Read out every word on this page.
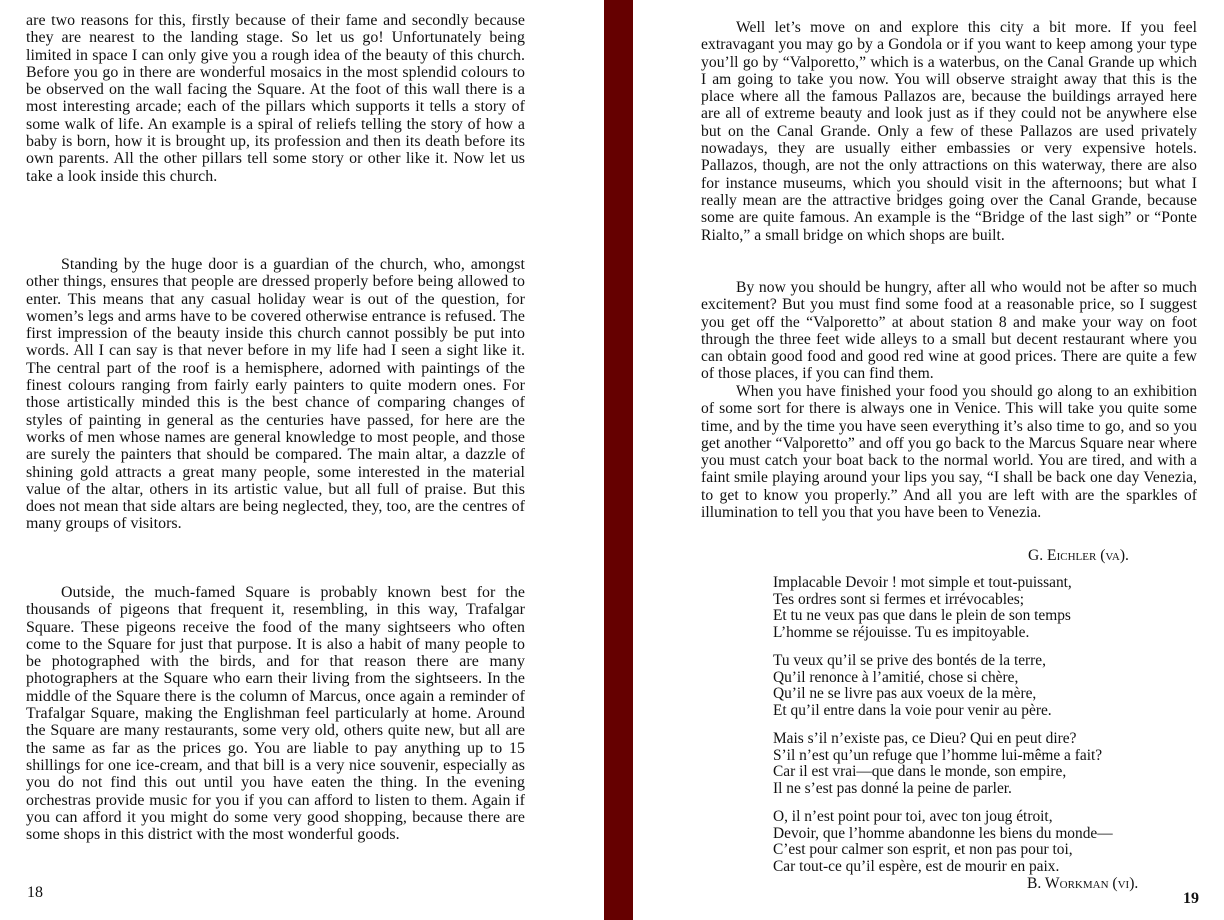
are two reasons for this, firstly because of their fame and secondly because they are nearest to the landing stage. So let us go! Unfortunately being limited in space I can only give you a rough idea of the beauty of this church. Before you go in there are wonderful mosaics in the most splendid colours to be observed on the wall facing the Square. At the foot of this wall there is a most interesting arcade; each of the pillars which supports it tells a story of some walk of life. An example is a spiral of reliefs telling the story of how a baby is born, how it is brought up, its profession and then its death before its own parents. All the other pillars tell some story or other like it. Now let us take a look inside this church.

Standing by the huge door is a guardian of the church, who, amongst other things, ensures that people are dressed properly before being allowed to enter. This means that any casual holiday wear is out of the question, for women’s legs and arms have to be covered otherwise entrance is refused. The first impression of the beauty inside this church cannot possibly be put into words. All I can say is that never before in my life had I seen a sight like it. The central part of the roof is a hemisphere, adorned with paintings of the finest colours ranging from fairly early painters to quite modern ones. For those artistically minded this is the best chance of comparing changes of styles of painting in general as the centuries have passed, for here are the works of men whose names are general knowledge to most people, and those are surely the painters that should be compared. The main altar, a dazzle of shining gold attracts a great many people, some interested in the material value of the altar, others in its artistic value, but all full of praise. But this does not mean that side altars are being neglected, they, too, are the centres of many groups of visitors.

Outside, the much-famed Square is probably known best for the thousands of pigeons that frequent it, resembling, in this way, Trafalgar Square. These pigeons receive the food of the many sightseers who often come to the Square for just that purpose. It is also a habit of many people to be photographed with the birds, and for that reason there are many photographers at the Square who earn their living from the sightseers. In the middle of the Square there is the column of Marcus, once again a reminder of Trafalgar Square, making the Englishman feel particularly at home. Around the Square are many restaurants, some very old, others quite new, but all are the same as far as the prices go. You are liable to pay anything up to 15 shillings for one ice-cream, and that bill is a very nice souvenir, especially as you do not find this out until you have eaten the thing. In the evening orchestras provide music for you if you can afford to listen to them. Again if you can afford it you might do some very good shopping, because there are some shops in this district with the most wonderful goods.

18

Well let’s move on and explore this city a bit more. If you feel extravagant you may go by a Gondola or if you want to keep among your type you’ll go by “Valporetto,” which is a waterbus, on the Canal Grande up which I am going to take you now. You will observe straight away that this is the place where all the famous Pallazos are, because the buildings arrayed here are all of extreme beauty and look just as if they could not be anywhere else but on the Canal Grande. Only a few of these Pallazos are used privately nowadays, they are usually either embassies or very expensive hotels. Pallazos, though, are not the only attractions on this waterway, there are also for instance museums, which you should visit in the afternoons; but what I really mean are the attractive bridges going over the Canal Grande, because some are quite famous. An example is the “Bridge of the last sigh” or “Ponte Rialto,” a small bridge on which shops are built.

By now you should be hungry, after all who would not be after so much excitement? But you must find some food at a reasonable price, so I suggest you get off the “Valporetto” at about station 8 and make your way on foot through the three feet wide alleys to a small but decent restaurant where you can obtain good food and good red wine at good prices. There are quite a few of those places, if you can find them.

When you have finished your food you should go along to an exhibition of some sort for there is always one in Venice. This will take you quite some time, and by the time you have seen everything it’s also time to go, and so you get another “Valporetto” and off you go back to the Marcus Square near where you must catch your boat back to the normal world. You are tired, and with a faint smile playing around your lips you say, “I shall be back one day Venezia, to get to know you properly.” And all you are left with are the sparkles of illumination to tell you that you have been to Venezia.

G. Eichler (va).
Implacable Devoir ! mot simple et tout-puissant,
Tes ordres sont si fermes et irrévocables;
Et tu ne veux pas que dans le plein de son temps
L’homme se réjouisse. Tu es impitoyable.
Tu veux qu’il se prive des bontés de la terre,
Qu’il renonce à l’amitié, chose si chère,
Qu’il ne se livre pas aux voeux de la mère,
Et qu’il entre dans la voie pour venir au père.
Mais s’il n’existe pas, ce Dieu? Qui en peut dire?
S’il n’est qu’un refuge que l’homme lui-même a fait?
Car il est vrai—que dans le monde, son empire,
Il ne s’est pas donné la peine de parler.
O, il n’est point pour toi, avec ton joug étroit,
Devoir, que l’homme abandonne les biens du monde—
C’est pour calmer son esprit, et non pas pour toi,
Car tout-ce qu’il espère, est de mourir en paix.
B. Workman (vi).
19
